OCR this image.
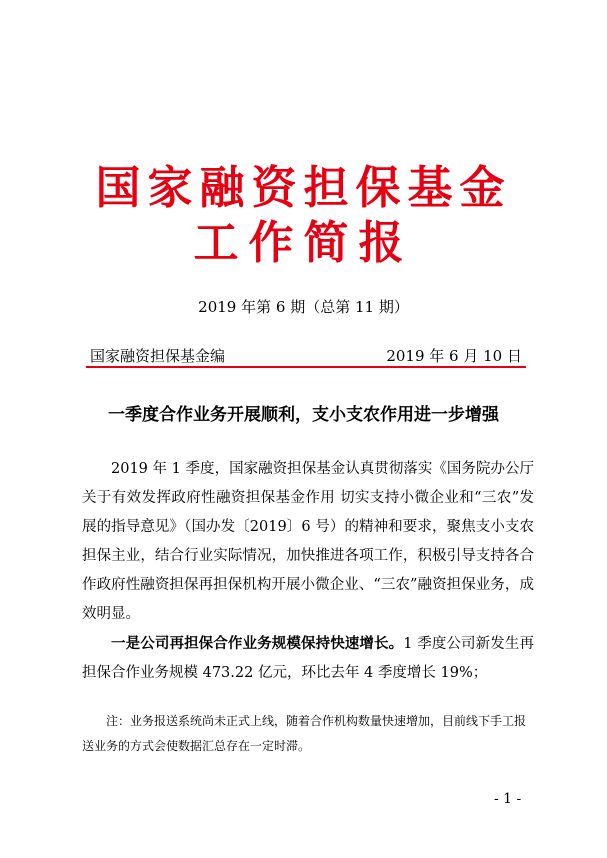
国家融资担保基金
工作简报
2019 年第 6 期（总第 11 期）
国家融资担保基金编	2019 年 6 月 10 日
一季度合作业务开展顺利，支小支农作用进一步增强
2019 年 1 季度，国家融资担保基金认真贯彻落实《国务院办公厅关于有效发挥政府性融资担保基金作用 切实支持小微企业和“三农”发展的指导意见》（国办发〔2019〕6 号）的精神和要求，聚焦支小支农担保主业，结合行业实际情况，加快推进各项工作，积极引导支持各合作政府性融资担保再担保机构开展小微企业、“三农”融资担保业务，成效明显。
一是公司再担保合作业务规模保持快速增长。1 季度公司新发生再担保合作业务规模 473.22 亿元，环比去年 4 季度增长 19%；
注：业务报送系统尚未正式上线，随着合作机构数量快速增加，目前线下手工报送业务的方式会使数据汇总存在一定时滞。
- 1 -
